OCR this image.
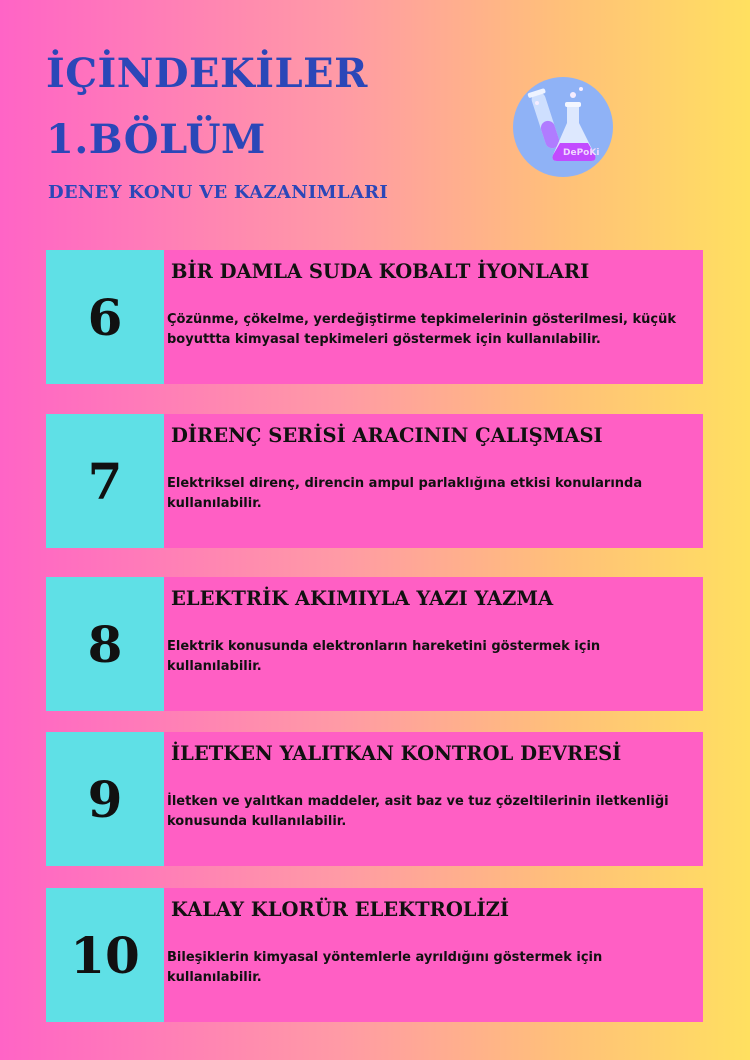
İÇİNDEKİLER
1.BÖLÜM

DENEY KONU VE KAZANIMLARI

DePoKi
6
BİR DAMLA SUDA KOBALT İYONLARI

Çözünme, çökelme, yerdeğiştirme tepkimelerinin gösterilmesi, küçük boyuttta kimyasal tepkimeleri göstermek için kullanılabilir.

7
DİRENÇ SERİSİ ARACININ ÇALIŞMASI

Elektriksel direnç, direncin ampul parlaklığına etkisi konularında kullanılabilir.

8
ELEKTRİK AKIMIYLA YAZI YAZMA

Elektrik konusunda elektronların hareketini göstermek için kullanılabilir.

9
İLETKEN YALITKAN KONTROL DEVRESİ

İletken ve yalıtkan maddeler, asit baz ve tuz çözeltilerinin iletkenliği konusunda kullanılabilir.

10
KALAY KLORÜR ELEKTROLİZİ

Bileşiklerin kimyasal yöntemlerle ayrıldığını göstermek için kullanılabilir.
